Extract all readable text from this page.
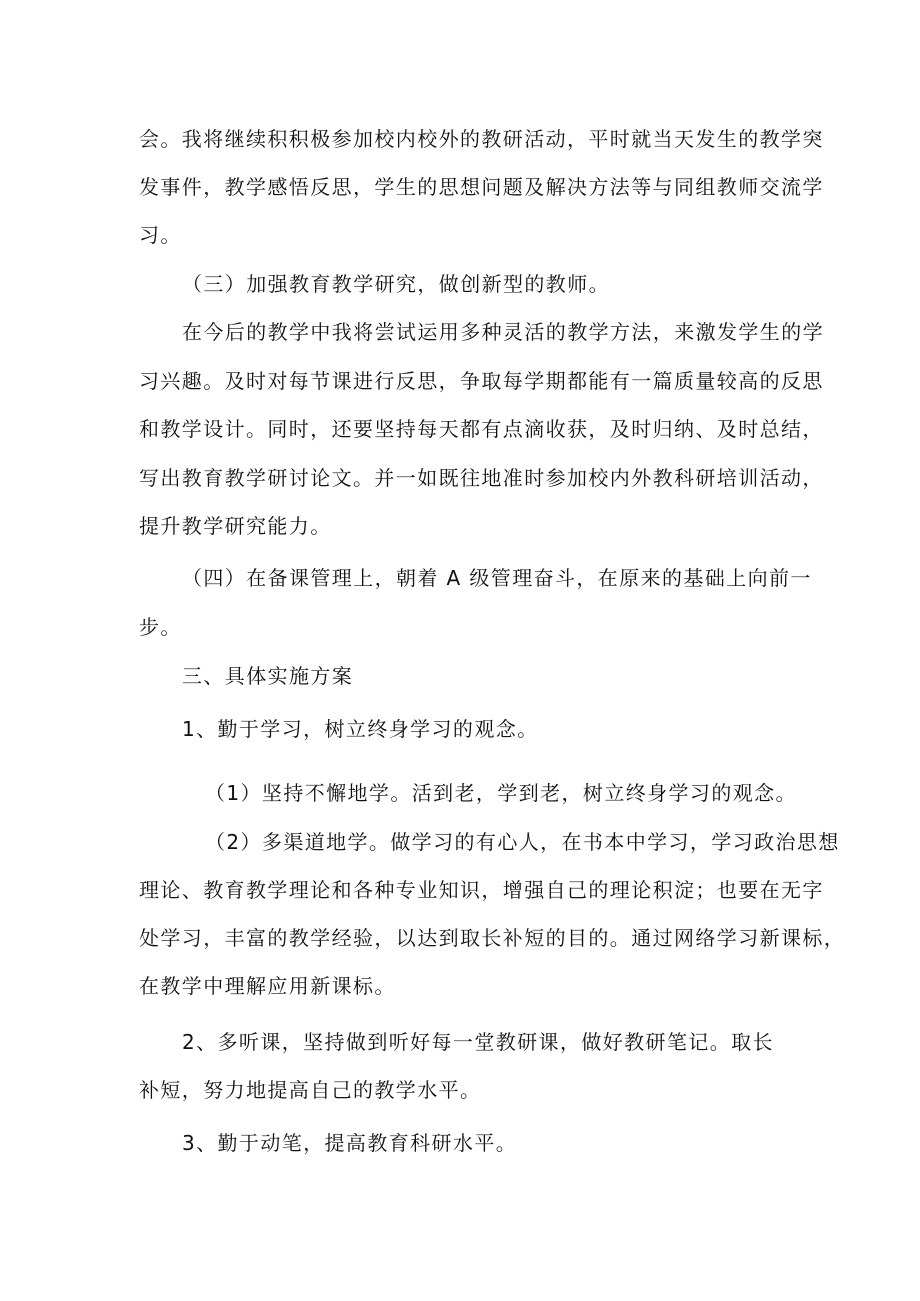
会。我将继续积积极参加校内校外的教研活动，平时就当天发生的教学突

发事件，教学感悟反思，学生的思想问题及解决方法等与同组教师交流学

习。

（三）加强教育教学研究，做创新型的教师。

在今后的教学中我将尝试运用多种灵活的教学方法，来激发学生的学

习兴趣。及时对每节课进行反思，争取每学期都能有一篇质量较高的反思

和教学设计。同时，还要坚持每天都有点滴收获，及时归纳、及时总结，

写出教育教学研讨论文。并一如既往地准时参加校内外教科研培训活动，

提升教学研究能力。

（四）在备课管理上，朝着 A 级管理奋斗，在原来的基础上向前一

步。

三、具体实施方案

1、勤于学习，树立终身学习的观念。

（1）坚持不懈地学。活到老，学到老，树立终身学习的观念。

（2）多渠道地学。做学习的有心人，在书本中学习，学习政治思想

理论、教育教学理论和各种专业知识，增强自己的理论积淀；也要在无字

处学习，丰富的教学经验，以达到取长补短的目的。通过网络学习新课标，

在教学中理解应用新课标。

2、多听课，坚持做到听好每一堂教研课，做好教研笔记。取长

补短，努力地提高自己的教学水平。

3、勤于动笔，提高教育科研水平。
